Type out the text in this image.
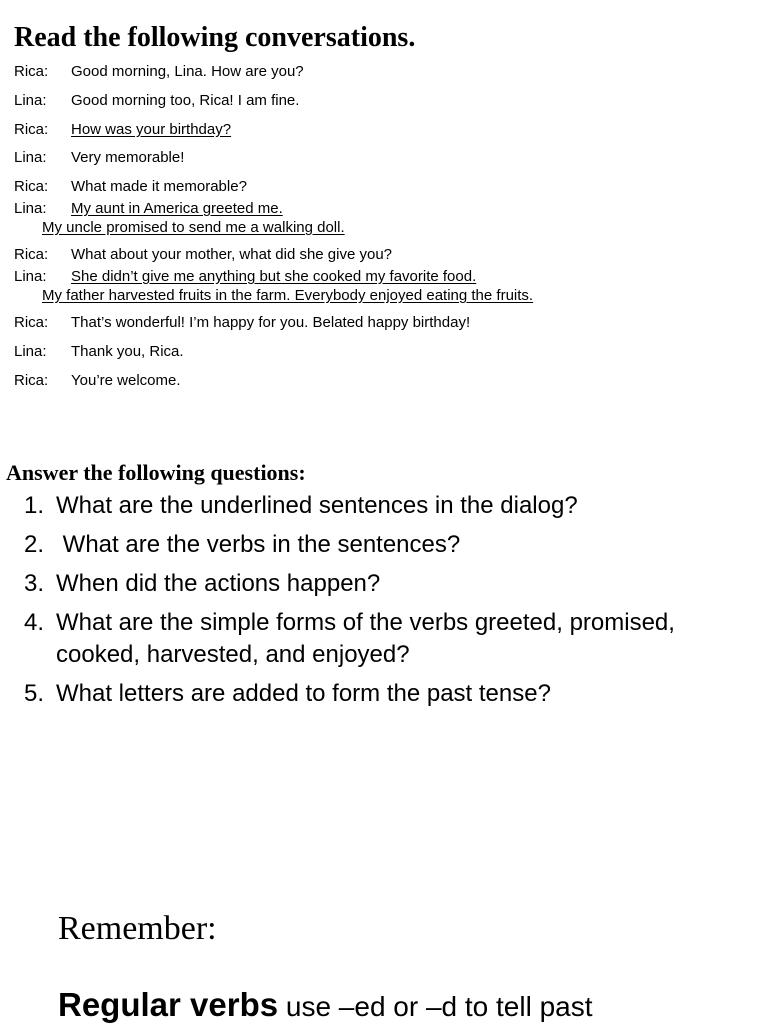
Read the following conversations.
Rica: Good morning, Lina. How are you?
Lina: Good morning too, Rica! I am fine.
Rica: How was your birthday?
Lina: Very memorable!
Rica: What made it memorable?
Lina: My aunt in America greeted me.
My uncle promised to send me a walking doll.
Rica: What about your mother, what did she give you?
Lina: She didn’t give me anything but she cooked my favorite food.
My father harvested fruits in the farm. Everybody enjoyed eating the fruits.
Rica: That’s wonderful! I’m happy for you. Belated happy birthday!
Lina: Thank you, Rica.
Rica: You’re welcome.
Answer the following questions:
1. What are the underlined sentences in the dialog?
2. What are the verbs in the sentences?
3. When did the actions happen?
4. What are the simple forms of the verbs greeted, promised, cooked, harvested, and enjoyed?
5. What letters are added to form the past tense?

Remember:

Regular verbs use –ed or –d to tell past
